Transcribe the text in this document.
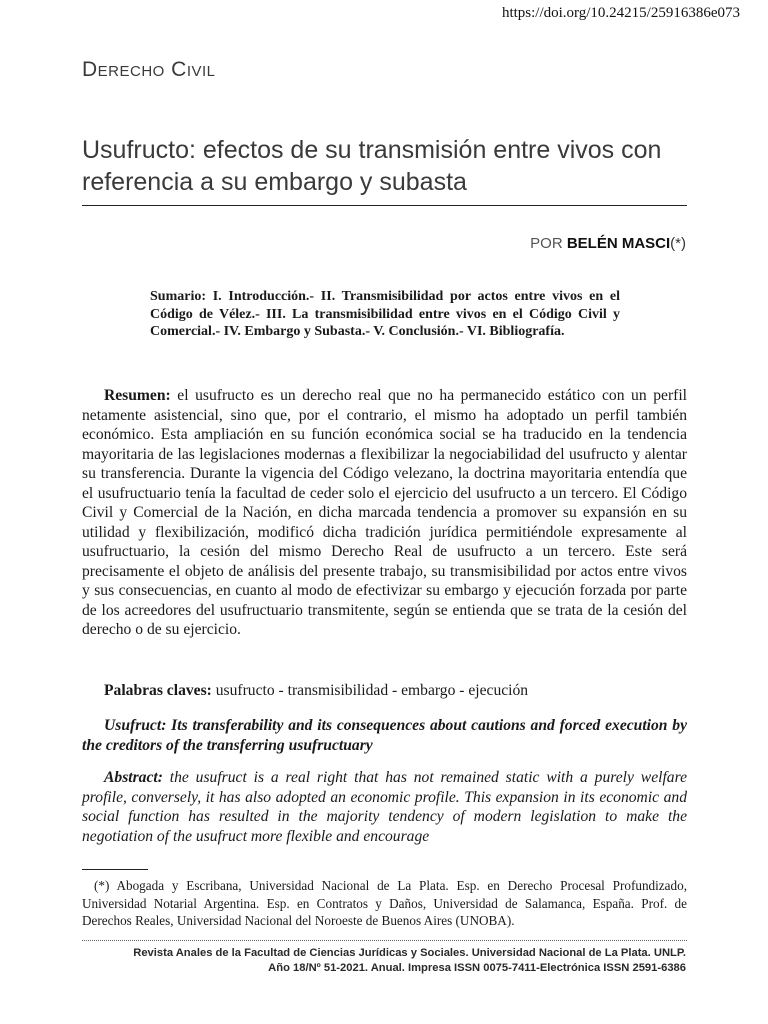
https://doi.org/10.24215/25916386e073
Derecho Civil
Usufructo: efectos de su transmisión entre vivos con referencia a su embargo y subasta
POR BELÉN MASCI(*)

Sumario: I. Introducción.- II. Transmisibilidad por actos entre vivos en el Código de Vélez.- III. La transmisibilidad entre vivos en el Código Civil y Comercial.- IV. Embargo y Subasta.- V. Conclusión.- VI. Bibliografía.

Resumen: el usufructo es un derecho real que no ha permanecido estático con un perfil netamente asistencial, sino que, por el contrario, el mismo ha adoptado un perfil también económico. Esta ampliación en su función económica social se ha traducido en la tendencia mayoritaria de las legislaciones modernas a flexibilizar la negociabilidad del usufructo y alentar su transferencia. Durante la vigencia del Código velezano, la doctrina mayoritaria entendía que el usufructuario tenía la facultad de ceder solo el ejercicio del usufructo a un tercero. El Código Civil y Comercial de la Nación, en dicha marcada tendencia a promover su expansión en su utilidad y flexibilización, modificó dicha tradición jurídica permitiéndole expresamente al usufructuario, la cesión del mismo Derecho Real de usufructo a un tercero. Este será precisamente el objeto de análisis del presente trabajo, su transmisibilidad por actos entre vivos y sus consecuencias, en cuanto al modo de efectivizar su embargo y ejecución forzada por parte de los acreedores del usufructuario transmitente, según se entienda que se trata de la cesión del derecho o de su ejercicio.

Palabras claves: usufructo - transmisibilidad - embargo - ejecución

Usufruct: Its transferability and its consequences about cautions and forced execution by the creditors of the transferring usufructuary

Abstract: the usufruct is a real right that has not remained static with a purely welfare profile, conversely, it has also adopted an economic profile. This expansion in its economic and social function has resulted in the majority tendency of modern legislation to make the negotiation of the usufruct more flexible and encourage

(*) Abogada y Escribana, Universidad Nacional de La Plata. Esp. en Derecho Procesal Profundizado, Universidad Notarial Argentina. Esp. en Contratos y Daños, Universidad de Salamanca, España. Prof. de Derechos Reales, Universidad Nacional del Noroeste de Buenos Aires (UNOBA).

Revista Anales de la Facultad de Ciencias Jurídicas y Sociales. Universidad Nacional de La Plata. UNLP.
Año 18/Nº 51-2021. Anual. Impresa ISSN 0075-7411-Electrónica ISSN 2591-6386
